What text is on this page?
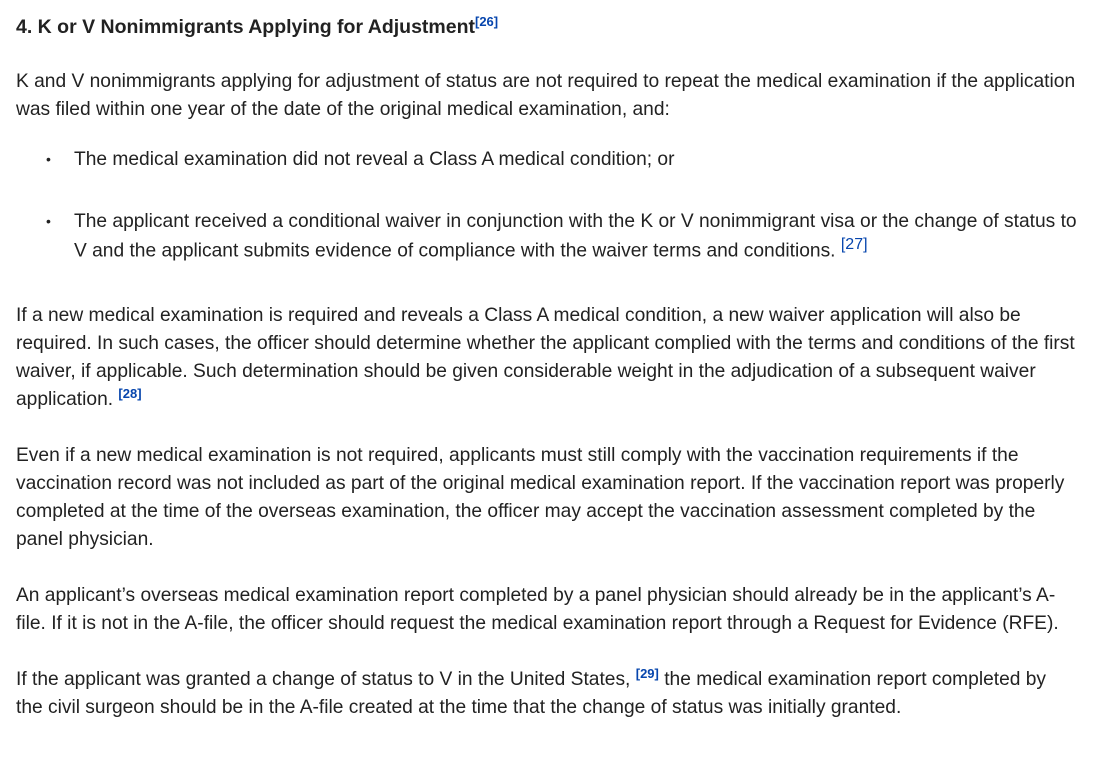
4. K or V Nonimmigrants Applying for Adjustment[26]

K and V nonimmigrants applying for adjustment of status are not required to repeat the medical examination if the application was filed within one year of the date of the original medical examination, and:

• The medical examination did not reveal a Class A medical condition; or
• The applicant received a conditional waiver in conjunction with the K or V nonimmigrant visa or the change of status to V and the applicant submits evidence of compliance with the waiver terms and conditions. [27]

If a new medical examination is required and reveals a Class A medical condition, a new waiver application will also be required. In such cases, the officer should determine whether the applicant complied with the terms and conditions of the first waiver, if applicable. Such determination should be given considerable weight in the adjudication of a subsequent waiver application. [28]

Even if a new medical examination is not required, applicants must still comply with the vaccination requirements if the vaccination record was not included as part of the original medical examination report. If the vaccination report was properly completed at the time of the overseas examination, the officer may accept the vaccination assessment completed by the panel physician.

An applicant’s overseas medical examination report completed by a panel physician should already be in the applicant’s A-file. If it is not in the A-file, the officer should request the medical examination report through a Request for Evidence (RFE).

If the applicant was granted a change of status to V in the United States, [29] the medical examination report completed by the civil surgeon should be in the A-file created at the time that the change of status was initially granted.
